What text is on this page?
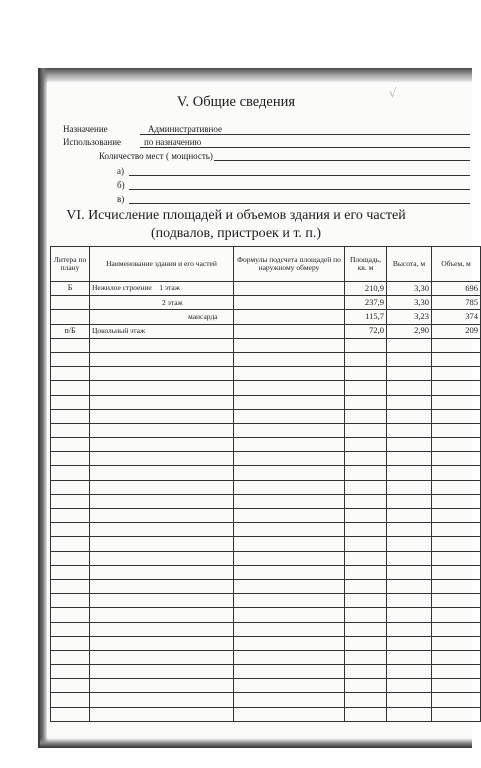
√
V. Общие сведения
Назначение	Административное
Использование	по назначению
Количество мест ( мощность)
а)
б)
в)
VI. Исчисление площадей и объемов здания и его частей
(подвалов, пристроек и т. п.)
Литера по плану	Наименование здания и его частей	Формулы подсчета площадей по наружному обмеру	Площадь, кв. м	Высота, м	Объем, м
Б	Нежилое строение    1 этаж		210,9	3,30	696
	2 этаж		237,9	3,30	785
	мансарда		115,7	3,23	374
п/Б	Цокольный этаж		72,0	2,90	209
